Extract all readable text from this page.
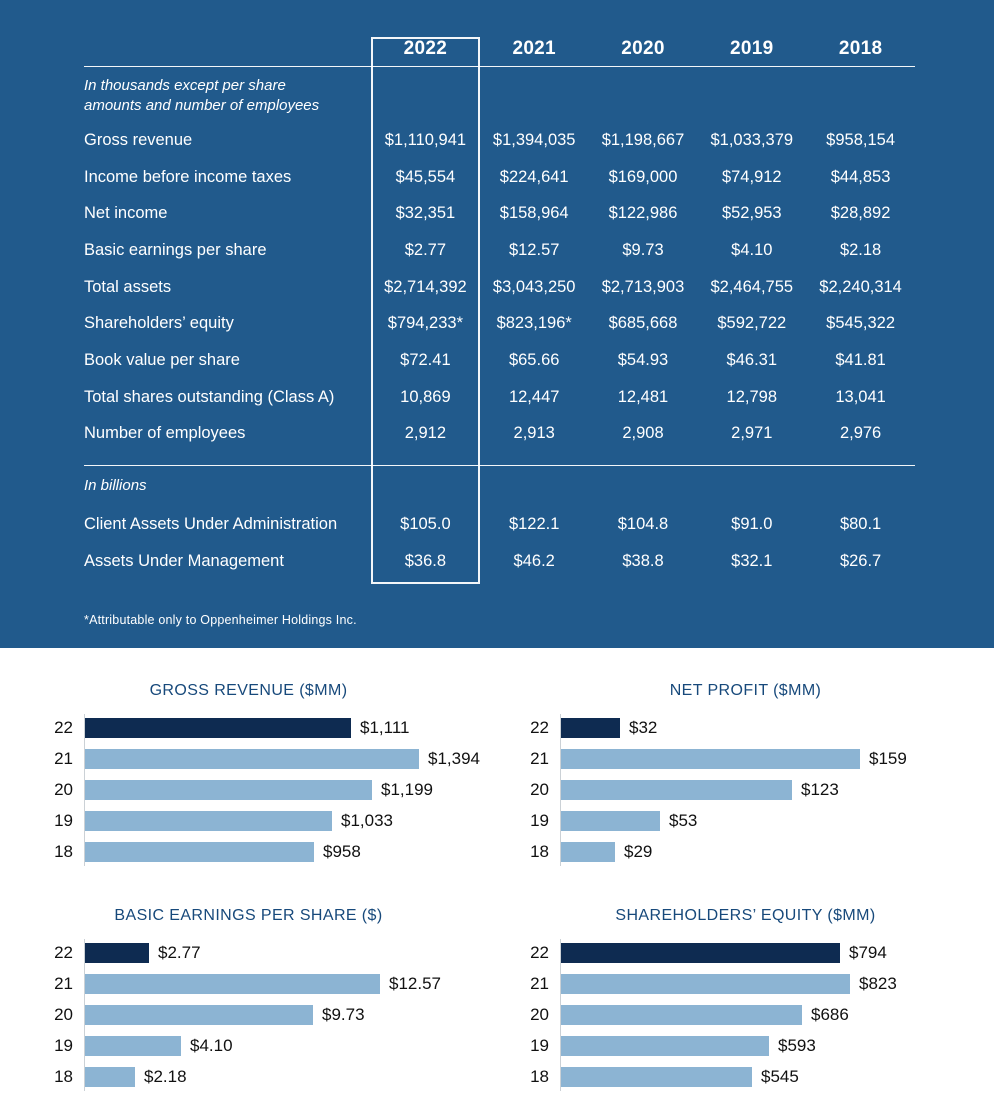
2022	2021	2020	2019	2018
In thousands except per share amounts and number of employees
Gross revenue	$1,110,941	$1,394,035	$1,198,667	$1,033,379	$958,154
Income before income taxes	$45,554	$224,641	$169,000	$74,912	$44,853
Net income	$32,351	$158,964	$122,986	$52,953	$28,892
Basic earnings per share	$2.77	$12.57	$9.73	$4.10	$2.18
Total assets	$2,714,392	$3,043,250	$2,713,903	$2,464,755	$2,240,314
Shareholders’ equity	$794,233*	$823,196*	$685,668	$592,722	$545,322
Book value per share	$72.41	$65.66	$54.93	$46.31	$41.81
Total shares outstanding (Class A)	10,869	12,447	12,481	12,798	13,041
Number of employees	2,912	2,913	2,908	2,971	2,976
In billions
Client Assets Under Administration	$105.0	$122.1	$104.8	$91.0	$80.1
Assets Under Management	$36.8	$46.2	$38.8	$32.1	$26.7
*Attributable only to Oppenheimer Holdings Inc.
GROSS REVENUE ($MM)
22	$1,111
21	$1,394
20	$1,199
19	$1,033
18	$958
NET PROFIT ($MM)
22	$32
21	$159
20	$123
19	$53
18	$29
BASIC EARNINGS PER SHARE ($)
22	$2.77
21	$12.57
20	$9.73
19	$4.10
18	$2.18
SHAREHOLDERS’ EQUITY ($MM)
22	$794
21	$823
20	$686
19	$593
18	$545
